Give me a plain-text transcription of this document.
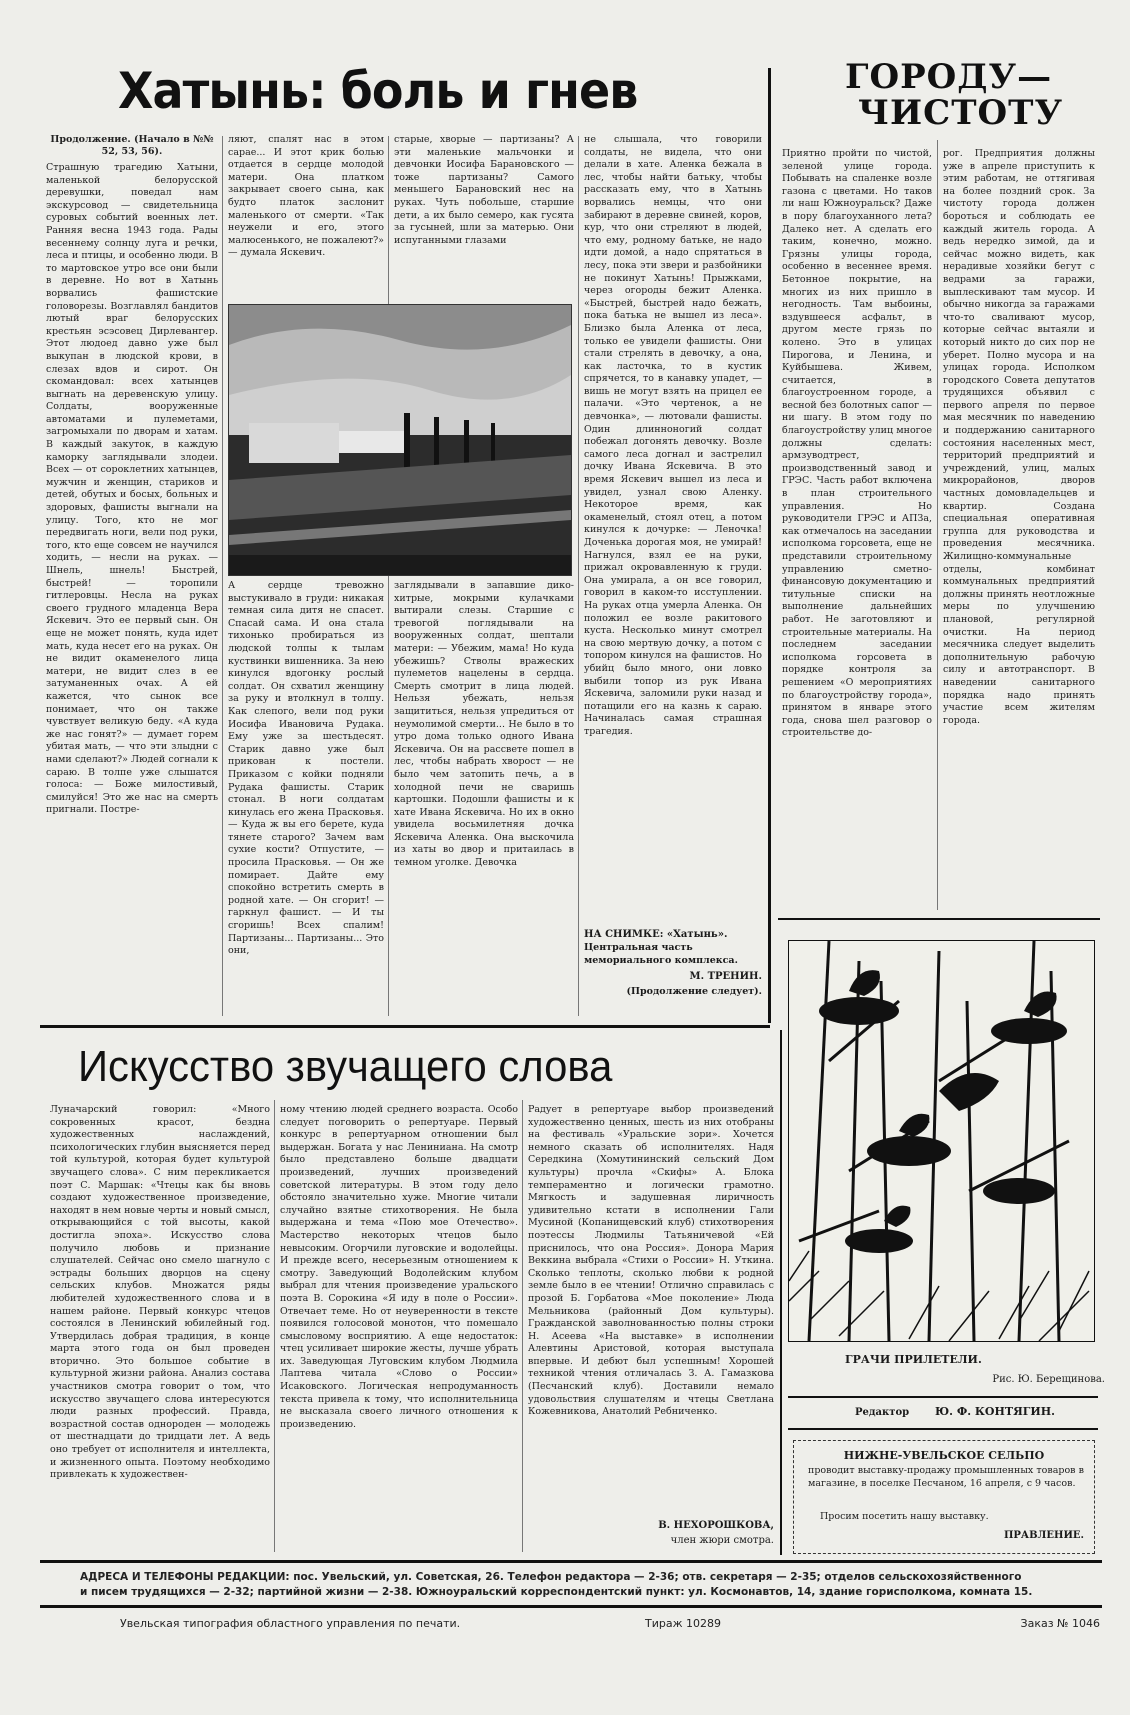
Хатынь: боль и гнев
Продолжение. (Начало в №№ 52, 53, 56).
Страшную трагедию Хатыни, маленькой белорусской деревушки, поведал нам экскурсовод — свидетельница суровых событий военных лет. Ранняя весна 1943 года. Рады весеннему солнцу луга и речки, леса и птицы, и особенно люди. В то мартовское утро все они были в деревне. Но вот в Хатынь ворвались фашистские головорезы. Возглавлял бандитов лютый враг белорусских крестьян эсэсовец Дирлевангер. Этот людоед давно уже был выкупан в людской крови, в слезах вдов и сирот. Он скомандовал: всех хатынцев выгнать на деревенскую улицу. Солдаты, вооруженные автоматами и пулеметами, загромыхали по дворам и хатам. В каждый закуток, в каждую каморку заглядывали злодеи. Всех — от сороклетних хатынцев, мужчин и женщин, стариков и детей, обутых и босых, больных и здоровых, фашисты выгнали на улицу. Того, кто не мог передвигать ноги, вели под руки, того, кто еще совсем не научился ходить, — несли на руках. — Шнель, шнель! Быстрей, быстрей! — торопили гитлеровцы. Несла на руках своего грудного младенца Вера Яскевич. Это ее первый сын. Он еще не может понять, куда идет мать, куда несет его на руках. Он не видит окаменелого лица матери, не видит слез в ее затуманенных очах. А ей кажется, что сынок все понимает, что он также чувствует великую беду. «А куда же нас гонят?» — думает горем убитая мать, — что эти злыдни с нами сделают?» Людей согнали к сараю. В толпе уже слышатся голоса: — Боже милостивый, смилуйся! Это же нас на смерть пригнали. Постре-
ляют, спалят нас в этом сарае... И этот крик болью отдается в сердце молодой матери. Она платком закрывает своего сына, как будто платок заслонит маленького от смерти. «Так неужели и его, этого малюсенького, не пожалеют?» — думала Яскевич.
А сердце тревожно выстукивало в груди: никакая темная сила дитя не спасет. Спасай сама. И она стала тихонько пробираться из людской толпы к тылам куствинки вишенника. За нею кинулся вдогонку рослый солдат. Он схватил женщину за руку и втолкнул в толпу. Как слепого, вели под руки Иосифа Ивановича Рудака. Ему уже за шестьдесят. Старик давно уже был прикован к постели. Приказом с койки подняли Рудака фашисты. Старик стонал. В ноги солдатам кинулась его жена Прасковья. — Куда ж вы его берете, куда тянете старого? Зачем вам сухие кости? Отпустите, — просила Прасковья. — Он же помирает. Дайте ему спокойно встретить смерть в родной хате. — Он сгорит! — гаркнул фашист. — И ты сгоришь! Всех спалим! Партизаны... Партизаны... Это они,
старые, хворые — партизаны? А эти маленькие мальчонки и девчонки Иосифа Барановского — тоже партизаны? Самого меньшего Барановский нес на руках. Чуть побольше, старшие дети, а их было семеро, как гусята за гусыней, шли за матерью. Они испуганными глазами
заглядывали в запавшие дико-хитрые, мокрыми кулачками вытирали слезы. Старшие с тревогой поглядывали на вооруженных солдат, шептали матери: — Убежим, мама! Но куда убежишь? Стволы вражеских пулеметов нацелены в сердца. Смерть смотрит в лица людей. Нельзя убежать, нельзя защититься, нельзя упредиться от неумолимой смерти... Не было в то утро дома только одного Ивана Яскевича. Он на рассвете пошел в лес, чтобы набрать хворост — не было чем затопить печь, а в холодной печи не сваришь картошки. Подошли фашисты и к хате Ивана Яскевича. Но их в окно увидела восьмилетняя дочка Яскевича Аленка. Она выскочила из хаты во двор и притаилась в темном уголке. Девочка
не слышала, что говорили солдаты, не видела, что они делали в хате. Аленка бежала в лес, чтобы найти батьку, чтобы рассказать ему, что в Хатынь ворвались немцы, что они забирают в деревне свиней, коров, кур, что они стреляют в людей, что ему, родному батьке, не надо идти домой, а надо спрятаться в лесу, пока эти звери и разбойники не покинут Хатынь! Прыжками, через огороды бежит Аленка. «Быстрей, быстрей надо бежать, пока батька не вышел из леса». Близко была Аленка от леса, только ее увидели фашисты. Они стали стрелять в девочку, а она, как ласточка, то в кустик спрячется, то в канавку упадет, — вишь не могут взять на прицел ее палачи. «Это чертенок, а не девчонка», — лютовали фашисты. Один длинноногий солдат побежал догонять девочку. Возле самого леса догнал и застрелил дочку Ивана Яскевича. В это время Яскевич вышел из леса и увидел, узнал свою Аленку. Некоторое время, как окаменелый, стоял отец, а потом кинулся к дочурке: — Леночка! Доченька дорогая моя, не умирай! Нагнулся, взял ее на руки, прижал окровавленную к груди. Она умирала, а он все говорил, говорил в каком-то исступлении. На руках отца умерла Аленка. Он положил ее возле ракитового куста. Несколько минут смотрел на свою мертвую дочку, а потом с топором кинулся на фашистов. Но убийц было много, они ловко выбили топор из рук Ивана Яскевича, заломили руки назад и потащили его на казнь к сараю. Начиналась самая страшная трагедия.
НА СНИМКЕ: «Хатынь».
Центральная часть мемориального комплекса.
М. ТРЕНИН.
(Продолжение следует).
ГОРОДУ—
ЧИСТОТУ
Приятно пройти по чистой, зеленой улице города. Побывать на спаленке возле газона с цветами. Но таков ли наш Южноуральск? Даже в пору благоуханного лета? Далеко нет. А сделать его таким, конечно, можно. Грязны улицы города, особенно в весеннее время. Бетонное покрытие, на многих из них пришло в негодность. Там выбоины, вздувшееся асфальт, в другом месте грязь по колено. Это в улицах Пирогова, и Ленина, и Куйбышева. Живем, считается, в благоустроенном городе, а весной без болотных сапог — ни шагу. В этом году по благоустройству улиц многое должны сделать: армзуводтрест, производственный завод и ГРЭС. Часть работ включена в план строительного управления. Но руководители ГРЭС и АПЗа, как отмечалось на заседании исполкома горсовета, еще не представили строительному управлению сметно-финансовую документацию и титульные списки на выполнение дальнейших работ. Не заготовляют и строительные материалы. На последнем заседании исполкома горсовета в порядке контроля за решением «О мероприятиях по благоустройству города», принятом в январе этого года, снова шел разговор о строительстве до-
рог. Предприятия должны уже в апреле приступить к этим работам, не оттягивая на более поздний срок. За чистоту города должен бороться и соблюдать ее каждый житель города. А ведь нередко зимой, да и сейчас можно видеть, как нерадивые хозяйки бегут с ведрами за гаражи, выплескивают там мусор. И обычно никогда за гаражами что-то сваливают мусор, которые сейчас вытаяли и который никто до сих пор не уберет. Полно мусора и на улицах города. Исполком городского Совета депутатов трудящихся объявил с первого апреля по первое мая месячник по наведению и поддержанию санитарного состояния населенных мест, территорий предприятий и учреждений, улиц, малых микрорайонов, дворов частных домовладельцев и квартир. Создана специальная оперативная группа для руководства и проведения месячника. Жилищно-коммунальные отделы, комбинат коммунальных предприятий должны принять неотложные меры по улучшению плановой, регулярной очистки. На период месячника следует выделить дополнительную рабочую силу и автотранспорт. В наведении санитарного порядка надо принять участие всем жителям города.
ГРАЧИ ПРИЛЕТЕЛИ.
Рис. Ю. Берещинова.
Редактор	Ю. Ф. КОНТЯГИН.
НИЖНЕ-УВЕЛЬСКОЕ СЕЛЬПО
проводит выставку-продажу промышленных товаров в магазине, в поселке Песчаном, 16 апреля, с 9 часов.
Просим посетить нашу выставку.
ПРАВЛЕНИЕ.
Искусство звучащего слова
Луначарский говорил: «Много сокровенных красот, бездна художественных наслаждений, психологических глубин выясняется перед той культурой, которая будет культурой звучащего слова». С ним перекликается поэт С. Маршак: «Чтецы как бы вновь создают художественное произведение, находят в нем новые черты и новый смысл, открывающийся с той высоты, какой достигла эпоха». Искусство слова получило любовь и признание слушателей. Сейчас оно смело шагнуло с эстрады больших дворцов на сцену сельских клубов. Множатся ряды любителей художественного слова и в нашем районе. Первый конкурс чтецов состоялся в Ленинский юбилейный год. Утвердилась добрая традиция, в конце марта этого года он был проведен вторично. Это большое событие в культурной жизни района. Анализ состава участников смотра говорит о том, что искусство звучащего слова интересуются люди разных профессий. Правда, возрастной состав однороден — молодежь от шестнадцати до тридцати лет. А ведь оно требует от исполнителя и интеллекта, и жизненного опыта. Поэтому необходимо привлекать к художествен-
ному чтению людей среднего возраста. Особо следует поговорить о репертуаре. Первый конкурс в репертуарном отношении был выдержан. Богата у нас Лениниана. На смотр было представлено больше двадцати произведений, лучших произведений советской литературы. В этом году дело обстояло значительно хуже. Многие читали случайно взятые стихотворения. Не была выдержана и тема «Пою мое Отечество». Мастерство некоторых чтецов было невысоким. Огорчили луговские и водолейцы. И прежде всего, несерьезным отношением к смотру. Заведующий Водолейским клубом выбрал для чтения произведение уральского поэта В. Сорокина «Я иду в поле о России». Отвечает теме. Но от неуверенности в тексте появился голосовой монотон, что помешало смысловому восприятию. А еще недостаток: чтец усиливает широкие жесты, лучше убрать их. Заведующая Луговским клубом Людмила Лаптева читала «Слово о России» Исаковского. Логическая непродуманность текста привела к тому, что исполнительница не высказала своего личного отношения к произведению.
Радует в репертуаре выбор произведений художественно ценных, шесть из них отобраны на фестиваль «Уральские зори». Хочется немного сказать об исполнителях. Надя Середкина (Хомутининский сельский Дом культуры) прочла «Скифы» А. Блока темпераментно и логически грамотно. Мягкость и задушевная лиричность удивительно кстати в исполнении Гали Мусиной (Копанищевский клуб) стихотворения поэтессы Людмилы Татьяничевой «Ей приснилось, что она Россия». Донора Мария Веккина выбрала «Стихи о России» Н. Уткина. Сколько теплоты, сколько любви к родной земле было в ее чтении! Отлично справилась с прозой Б. Горбатова «Мое поколение» Люда Мельникова (районный Дом культуры). Гражданской заволнованностью полны строки Н. Асеева «На выставке» в исполнении Алевтины Аристовой, которая выступала впервые. И дебют был успешным! Хорошей техникой чтения отличалась З. А. Гамазкова (Песчанский клуб). Доставили немало удовольствия слушателям и чтецы Светлана Кожевникова, Анатолий Ребниченко.
В. НЕХОРОШКОВА,
член жюри смотра.
АДРЕСА И ТЕЛЕФОНЫ РЕДАКЦИИ: пос. Увельский, ул. Советская, 26. Телефон редактора — 2-36; отв. секретаря — 2-35; отделов сельскохозяйственного
и писем трудящихся — 2-32; партийной жизни — 2-38. Южноуральский корреспондентский пункт: ул. Космонавтов, 14, здание горисполкома, комната 15.
Увельская типография областного управления по печати.	Тираж 10289	Заказ № 1046
